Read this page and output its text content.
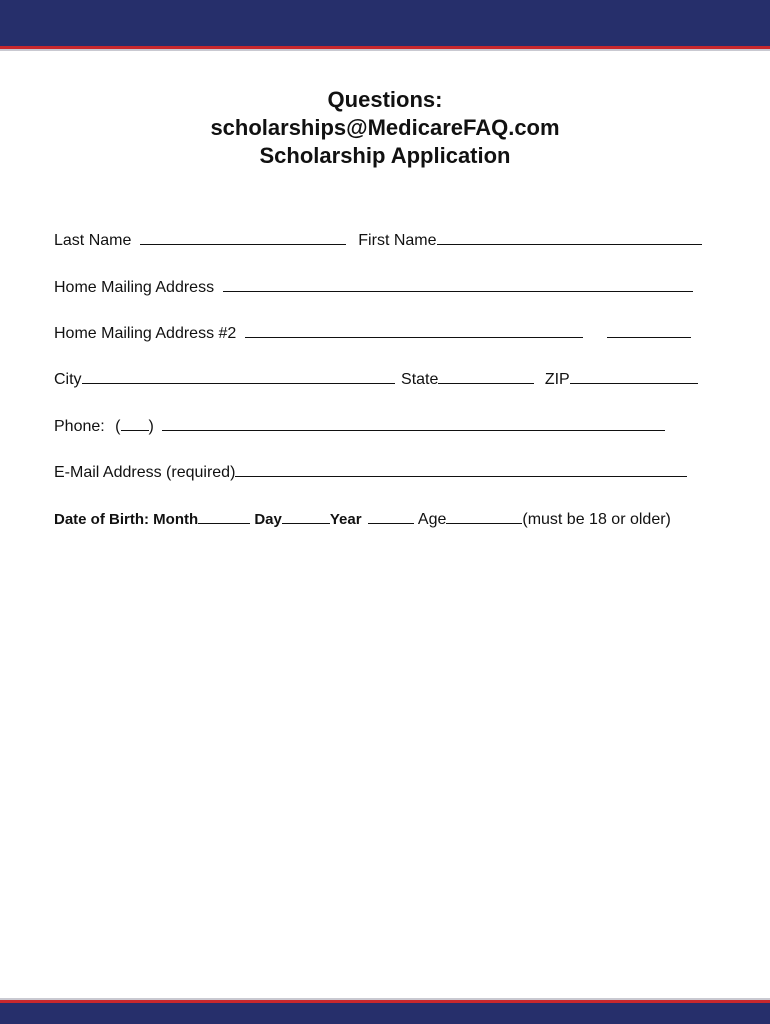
Questions:
scholarships@MedicareFAQ.com
Scholarship Application
Last Name	First Name
Home Mailing Address
Home Mailing Address #2
City	State	ZIP
Phone: ( )
E-Mail Address (required)
Date of Birth: Month	Day	Year	Age	(must be 18 or older)
